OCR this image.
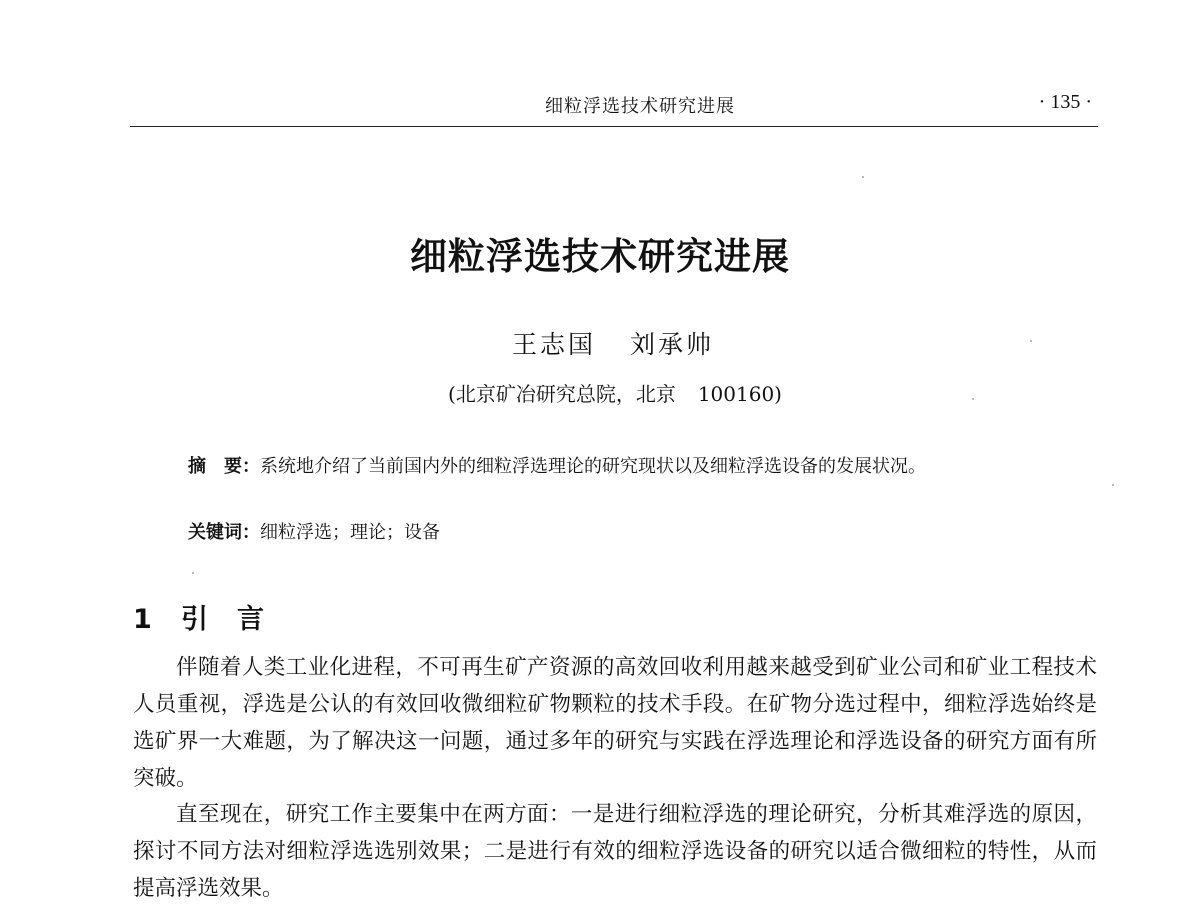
细粒浮选技术研究进展	· 135 ·
细粒浮选技术研究进展
王志国 刘承帅
(北京矿冶研究总院，北京 100160)
摘　要：系统地介绍了当前国内外的细粒浮选理论的研究现状以及细粒浮选设备的发展状况。
关键词：细粒浮选；理论；设备
1 引 言

伴随着人类工业化进程，不可再生矿产资源的高效回收利用越来越受到矿业公司和矿业工程技术人员重视，浮选是公认的有效回收微细粒矿物颗粒的技术手段。在矿物分选过程中，细粒浮选始终是选矿界一大难题，为了解决这一问题，通过多年的研究与实践在浮选理论和浮选设备的研究方面有所突破。

直至现在，研究工作主要集中在两方面：一是进行细粒浮选的理论研究，分析其难浮选的原因，探讨不同方法对细粒浮选选别效果；二是进行有效的细粒浮选设备的研究以适合微细粒的特性，从而提高浮选效果。
